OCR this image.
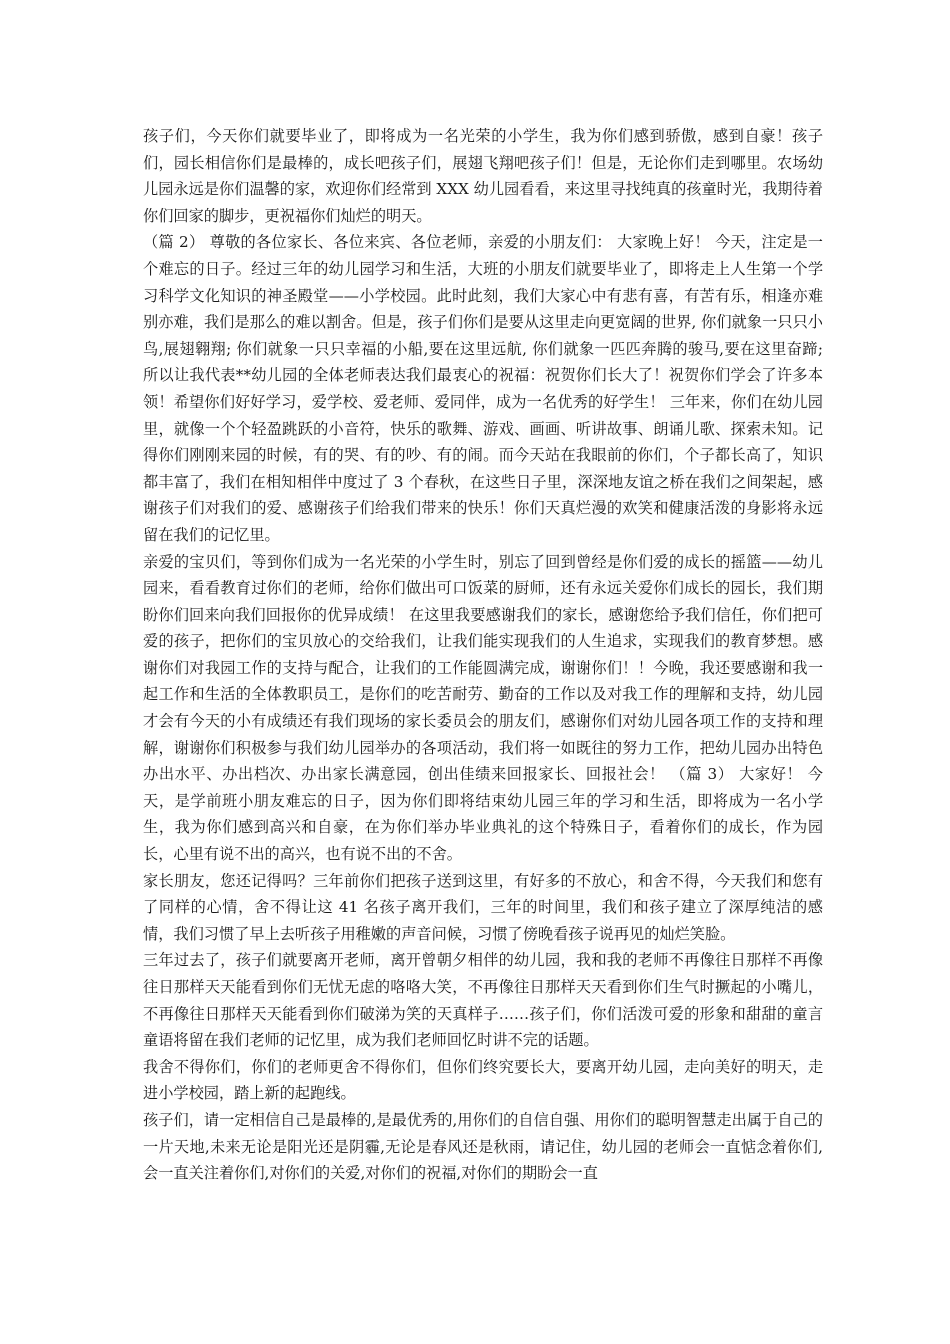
孩子们，今天你们就要毕业了，即将成为一名光荣的小学生，我为你们感到骄傲，感到自豪！孩子们，园长相信你们是最棒的，成长吧孩子们，展翅飞翔吧孩子们！但是，无论你们走到哪里。农场幼儿园永远是你们温馨的家，欢迎你们经常到 XXX 幼儿园看看，来这里寻找纯真的孩童时光，我期待着你们回家的脚步，更祝福你们灿烂的明天。

（篇 2） 尊敬的各位家长、各位来宾、各位老师，亲爱的小朋友们： 大家晚上好！ 今天，注定是一个难忘的日子。经过三年的幼儿园学习和生活，大班的小朋友们就要毕业了，即将走上人生第一个学习科学文化知识的神圣殿堂——小学校园。此时此刻，我们大家心中有悲有喜，有苦有乐，相逢亦难别亦难，我们是那么的难以割舍。但是，孩子们你们是要从这里走向更宽阔的世界, 你们就象一只只小鸟,展翅翱翔; 你们就象一只只幸福的小船,要在这里远航, 你们就象一匹匹奔腾的骏马,要在这里奋蹄; 所以让我代表**幼儿园的全体老师表达我们最衷心的祝福：祝贺你们长大了！祝贺你们学会了许多本领！希望你们好好学习，爱学校、爱老师、爱同伴，成为一名优秀的好学生！ 三年来，你们在幼儿园里，就像一个个轻盈跳跃的小音符，快乐的歌舞、游戏、画画、听讲故事、朗诵儿歌、探索未知。记得你们刚刚来园的时候，有的哭、有的吵、有的闹。而今天站在我眼前的你们，个子都长高了，知识都丰富了，我们在相知相伴中度过了 3 个春秋，在这些日子里，深深地友谊之桥在我们之间架起，感谢孩子们对我们的爱、感谢孩子们给我们带来的快乐！你们天真烂漫的欢笑和健康活泼的身影将永远留在我们的记忆里。

亲爱的宝贝们，等到你们成为一名光荣的小学生时，别忘了回到曾经是你们爱的成长的摇篮——幼儿园来，看看教育过你们的老师，给你们做出可口饭菜的厨师，还有永远关爱你们成长的园长，我们期盼你们回来向我们回报你的优异成绩！ 在这里我要感谢我们的家长，感谢您给予我们信任，你们把可爱的孩子，把你们的宝贝放心的交给我们，让我们能实现我们的人生追求，实现我们的教育梦想。感谢你们对我园工作的支持与配合，让我们的工作能圆满完成，谢谢你们！！今晚，我还要感谢和我一起工作和生活的全体教职员工，是你们的吃苦耐劳、勤奋的工作以及对我工作的理解和支持，幼儿园才会有今天的小有成绩还有我们现场的家长委员会的朋友们，感谢你们对幼儿园各项工作的支持和理解，谢谢你们积极参与我们幼儿园举办的各项活动，我们将一如既往的努力工作，把幼儿园办出特色办出水平、办出档次、办出家长满意园，创出佳绩来回报家长、回报社会！ （篇 3） 大家好！ 今天，是学前班小朋友难忘的日子，因为你们即将结束幼儿园三年的学习和生活，即将成为一名小学生，我为你们感到高兴和自豪，在为你们举办毕业典礼的这个特殊日子，看着你们的成长，作为园长，心里有说不出的高兴，也有说不出的不舍。

家长朋友，您还记得吗？三年前你们把孩子送到这里，有好多的不放心，和舍不得，今天我们和您有了同样的心情，舍不得让这 41 名孩子离开我们，三年的时间里，我们和孩子建立了深厚纯洁的感情，我们习惯了早上去听孩子用稚嫩的声音问候，习惯了傍晚看孩子说再见的灿烂笑脸。

三年过去了，孩子们就要离开老师，离开曾朝夕相伴的幼儿园，我和我的老师不再像往日那样不再像往日那样天天能看到你们无忧无虑的咯咯大笑，不再像往日那样天天看到你们生气时撅起的小嘴儿，不再像往日那样天天能看到你们破涕为笑的天真样子……孩子们，你们活泼可爱的形象和甜甜的童言童语将留在我们老师的记忆里，成为我们老师回忆时讲不完的话题。

我舍不得你们，你们的老师更舍不得你们，但你们终究要长大，要离开幼儿园，走向美好的明天，走进小学校园，踏上新的起跑线。

孩子们，请一定相信自己是最棒的,是最优秀的,用你们的自信自强、用你们的聪明智慧走出属于自己的一片天地,未来无论是阳光还是阴霾,无论是春风还是秋雨，请记住，幼儿园的老师会一直惦念着你们,会一直关注着你们,对你们的关爱,对你们的祝福,对你们的期盼会一直
